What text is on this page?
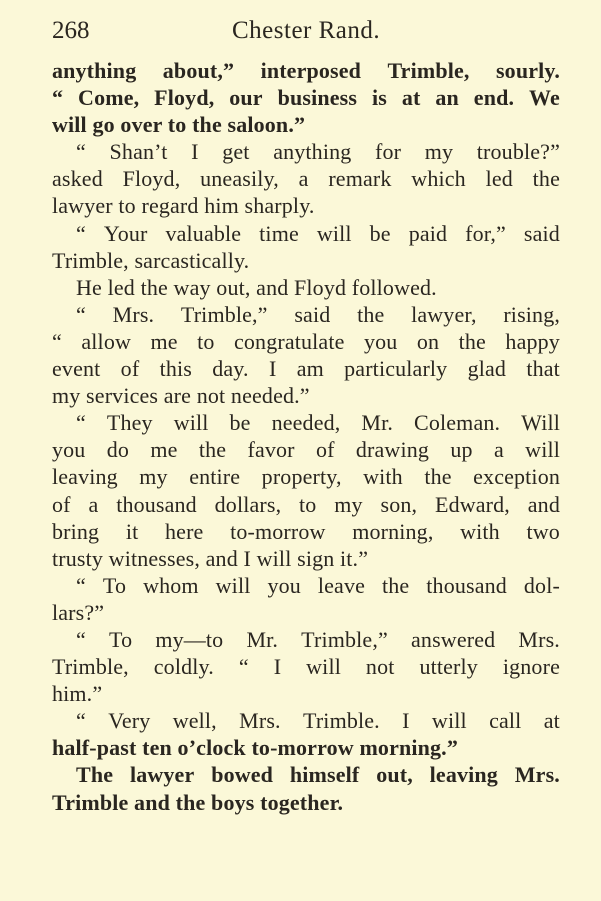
268	Chester Rand.
anything about,” interposed Trimble, sourly.
“ Come, Floyd, our business is at an end. We
will go over to the saloon.”
“ Shan’t I get anything for my trouble?”
asked Floyd, uneasily, a remark which led the
lawyer to regard him sharply.
“ Your valuable time will be paid for,” said
Trimble, sarcastically.
He led the way out, and Floyd followed.
“ Mrs. Trimble,” said the lawyer, rising,
“ allow me to congratulate you on the happy
event of this day. I am particularly glad that
my services are not needed.”
“ They will be needed, Mr. Coleman. Will
you do me the favor of drawing up a will
leaving my entire property, with the exception
of a thousand dollars, to my son, Edward, and
bring it here to-morrow morning, with two
trusty witnesses, and I will sign it.”
“ To whom will you leave the thousand dol-
lars?”
“ To my—to Mr. Trimble,” answered Mrs.
Trimble, coldly. “ I will not utterly ignore
him.”
“ Very well, Mrs. Trimble. I will call at
half-past ten o’clock to-morrow morning.”
The lawyer bowed himself out, leaving Mrs.
Trimble and the boys together.
